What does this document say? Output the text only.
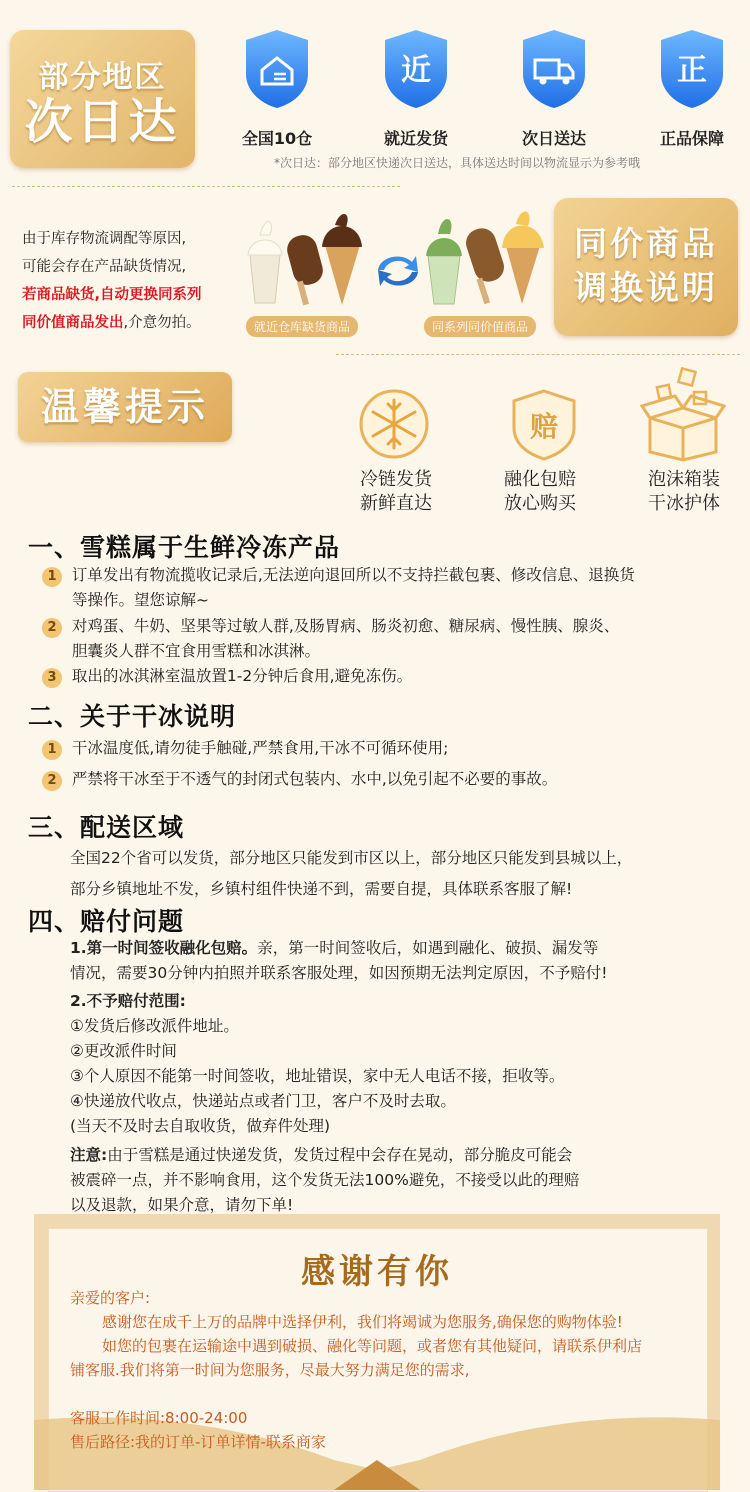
部分地区
次日达
近	正
全国10仓	就近发货	次日送达	正品保障
*次日达：部分地区快递次日送达，具体送达时间以物流显示为参考哦
由于库存物流调配等原因,
可能会存在产品缺货情况,
若商品缺货,自动更换同系列
同价值商品发出,介意勿拍。	就近仓库缺货商品	同系列同价值商品
同价商品
调换说明
温馨提示	赔
冷链发货
新鲜直达
融化包赔
放心购买
泡沫箱装
干冰护体
一、雪糕属于生鲜冷冻产品
1 订单发出有物流揽收记录后,无法逆向退回所以不支持拦截包裹、修改信息、退换货
等操作。望您谅解~
2 对鸡蛋、牛奶、坚果等过敏人群,及肠胃病、肠炎初愈、糖尿病、慢性胰、腺炎、
胆囊炎人群不宜食用雪糕和冰淇淋。
3 取出的冰淇淋室温放置1-2分钟后食用,避免冻伤。
二、关于干冰说明
1 干冰温度低,请勿徒手触碰,严禁食用,干冰不可循环使用;
2 严禁将干冰至于不透气的封闭式包装内、水中,以免引起不必要的事故。
三、配送区域
全国22个省可以发货，部分地区只能发到市区以上，部分地区只能发到县城以上，
部分乡镇地址不发，乡镇村组件快递不到，需要自提，具体联系客服了解!
四、赔付问题
1.第一时间签收融化包赔。亲，第一时间签收后，如遇到融化、破损、漏发等
情况，需要30分钟内拍照并联系客服处理，如因预期无法判定原因，不予赔付!
2.不予赔付范围:
①发货后修改派件地址。
②更改派件时间
③个人原因不能第一时间签收，地址错误，家中无人电话不接，拒收等。
④快递放代收点，快递站点或者门卫，客户不及时去取。
(当天不及时去自取收货，做弃件处理)
注意:由于雪糕是通过快递发货，发货过程中会存在晃动，部分脆皮可能会
被震碎一点，并不影响食用，这个发货无法100%避免，不接受以此的理赔
以及退款，如果介意，请勿下单!
感谢有你
亲爱的客户:
感谢您在成千上万的品牌中选择伊利，我们将竭诚为您服务,确保您的购物体验!
如您的包裹在运输途中遇到破损、融化等问题，或者您有其他疑问，请联系伊利店
铺客服.我们将第一时间为您服务，尽最大努力满足您的需求,
客服工作时间:8:00-24:00
售后路径:我的订单-订单详情-联系商家
